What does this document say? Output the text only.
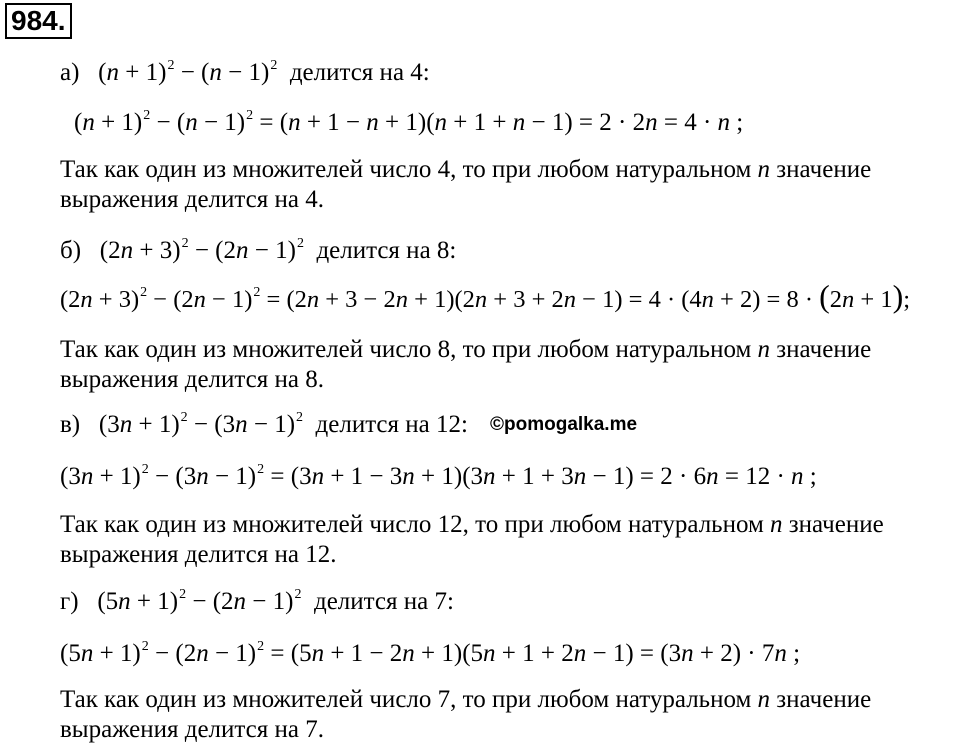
984.
а)   $(n + 1)^2 - (n - 1)^2$ делится на 4:
$(n + 1)^2 - (n - 1)^2 = (n + 1 - n + 1)(n + 1 + n - 1) = 2 \cdot 2n = 4 \cdot n$ ;
Так как один из множителей число 4, то при любом натуральном n значение
выражения делится на 4.
б)   $(2n + 3)^2 - (2n - 1)^2$ делится на 8:
$(2n + 3)^2 - (2n - 1)^2 = (2n + 3 - 2n + 1)(2n + 3 + 2n - 1) = 4 \cdot (4n + 2) = 8 \cdot (2n + 1)$;
Так как один из множителей число 8, то при любом натуральном n значение
выражения делится на 8.
в)   $(3n + 1)^2 - (3n - 1)^2$ делится на 12: ©pomogalka.me
$(3n + 1)^2 - (3n - 1)^2 = (3n + 1 - 3n + 1)(3n + 1 + 3n - 1) = 2 \cdot 6n = 12 \cdot n$ ;
Так как один из множителей число 12, то при любом натуральном n значение
выражения делится на 12.
г)   $(5n + 1)^2 - (2n - 1)^2$ делится на 7:
$(5n + 1)^2 - (2n - 1)^2 = (5n + 1 - 2n + 1)(5n + 1 + 2n - 1) = (3n + 2) \cdot 7n$ ;
Так как один из множителей число 7, то при любом натуральном n значение
выражения делится на 7.
